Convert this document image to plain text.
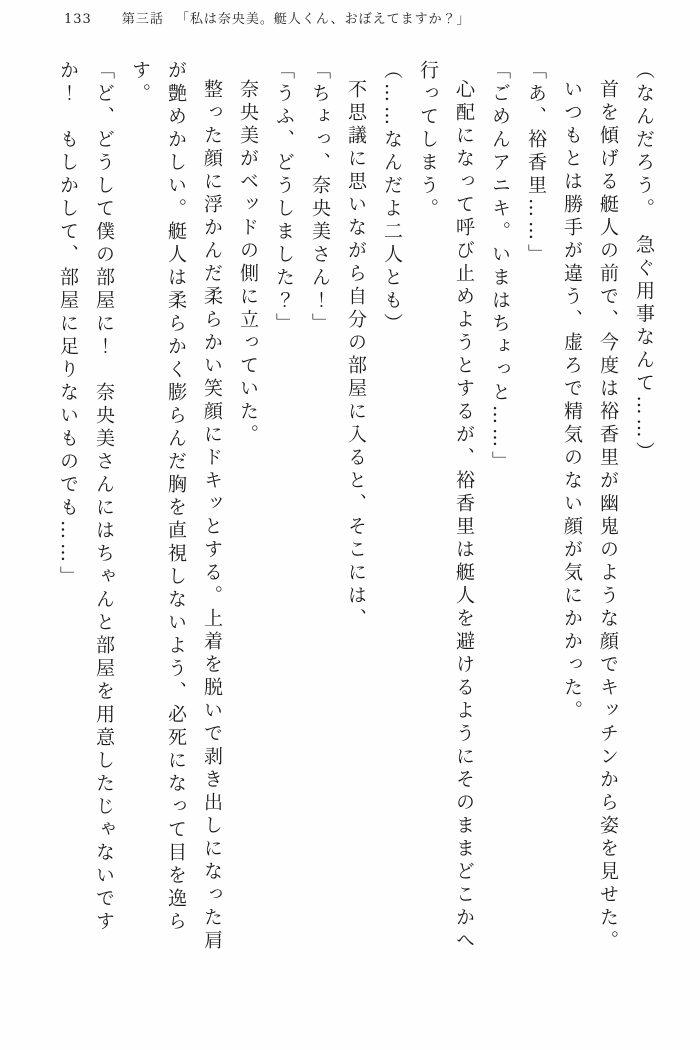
133 第三話 「私は奈央美。艇人くん、おぼえてますか？」

（なんだろう。　急ぐ用事なんて……）

首を傾げる艇人の前で、今度は裕香里が幽鬼のような顔でキッチンから姿を見せた。

いつもとは勝手が違う、虚ろで精気のない顔が気にかかった。

「あ、裕香里……」

「ごめんアニキ。いまはちょっと……」

心配になって呼び止めようとするが、裕香里は艇人を避けるようにそのままどこかへ行ってしまう。

（……なんだよ二人とも）

不思議に思いながら自分の部屋に入ると、そこには、

「ちょっ、奈央美さん！」

「うふ、どうしました？」

奈央美がベッドの側に立っていた。

整った顔に浮かんだ柔らかい笑顔にドキッとする。上着を脱いで剥き出しになった肩が艶めかしい。艇人は柔らかく膨らんだ胸を直視しないよう、必死になって目を逸らす。

「ど、どうして僕の部屋に！　奈央美さんにはちゃんと部屋を用意したじゃないですか！　もしかして、部屋に足りないものでも……」
